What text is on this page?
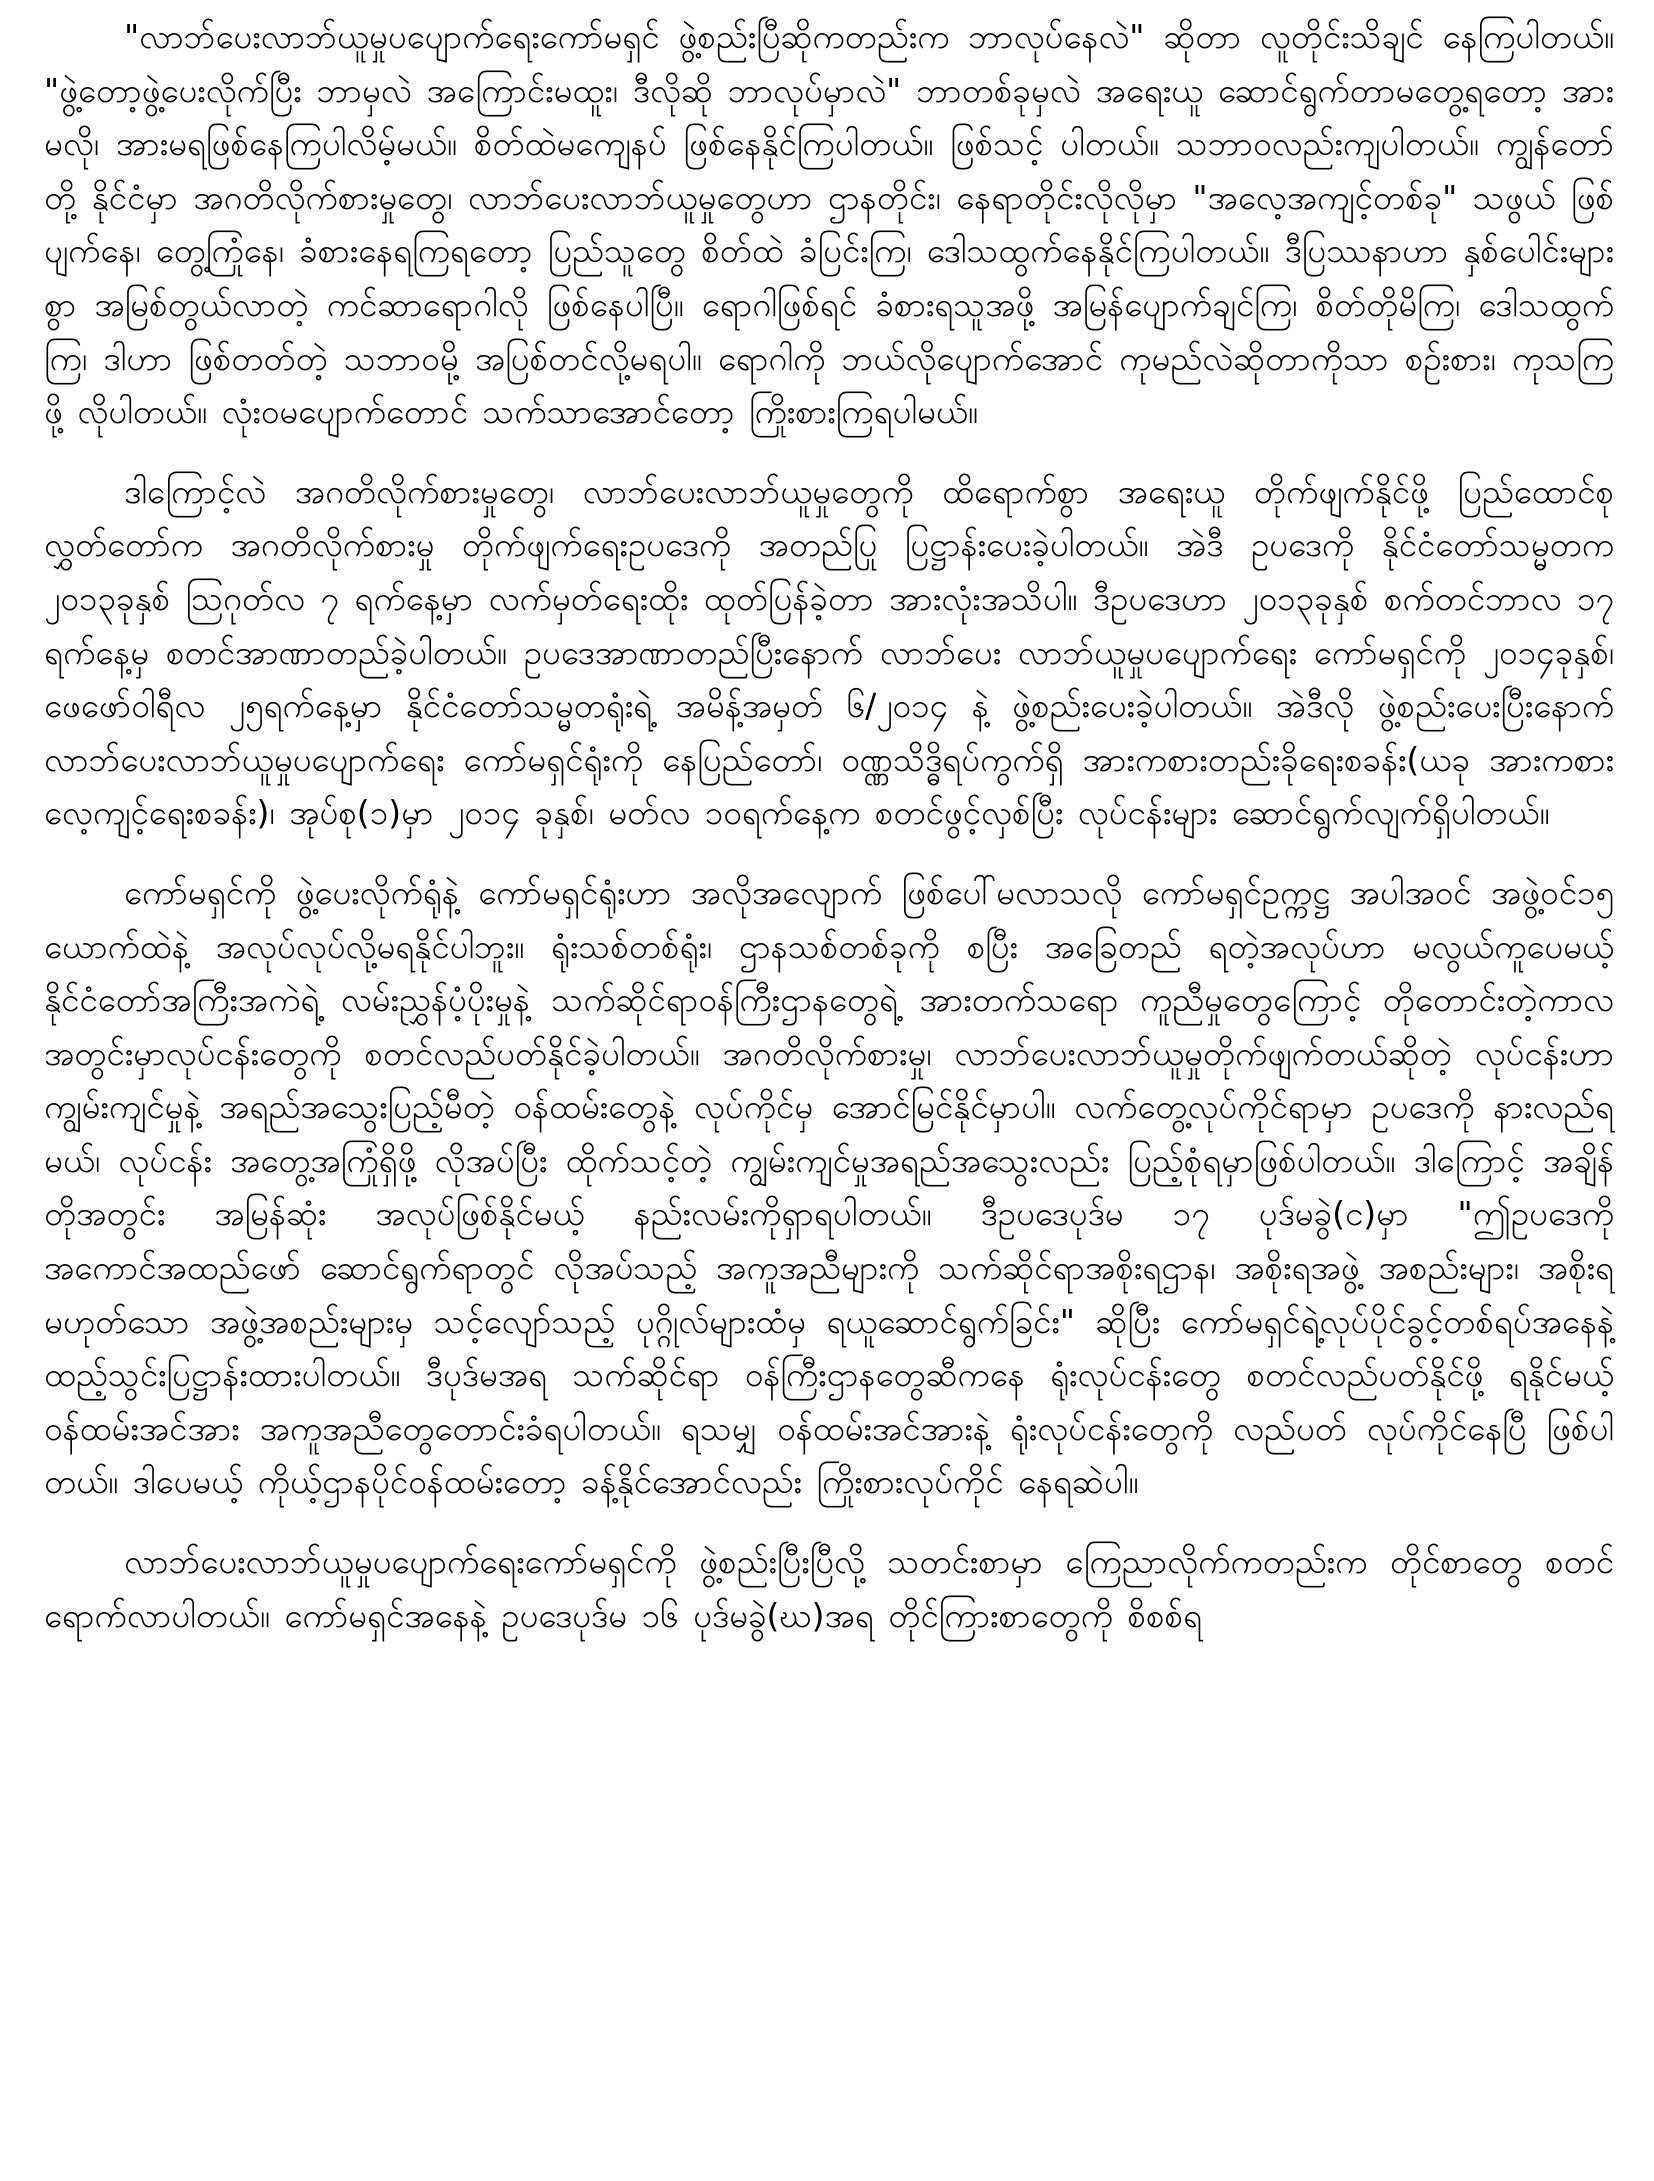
"လာဘ်ပေးလာဘ်ယူမှုပပျောက်ရေးကော်မရှင် ဖွဲ့စည်းပြီဆိုကတည်းက ဘာလုပ်နေလဲ" ဆိုတာ လူတိုင်းသိချင် နေကြပါတယ်။ "ဖွဲ့တော့ဖွဲ့ပေးလိုက်ပြီး ဘာမှလဲ အကြောင်းမထူး၊ ဒီလိုဆို ဘာလုပ်မှာလဲ" ဘာတစ်ခုမှလဲ အရေးယူ ဆောင်ရွက်တာမတွေ့ရတော့ အားမလို၊ အားမရဖြစ်နေကြပါလိမ့်မယ်။ စိတ်ထဲမကျေနပ် ဖြစ်နေနိုင်ကြပါတယ်။ ဖြစ်သင့် ပါတယ်။ သဘာဝလည်းကျပါတယ်။ ကျွန်တော်တို့ နိုင်ငံမှာ အဂတိလိုက်စားမှုတွေ၊ လာဘ်ပေးလာဘ်ယူမှုတွေဟာ ဌာနတိုင်း၊ နေရာတိုင်းလိုလိုမှာ "အလေ့အကျင့်တစ်ခု" သဖွယ် ဖြစ်ပျက်နေ၊ တွေ့ကြုံနေ၊ ခံစားနေရကြရတော့ ပြည်သူတွေ စိတ်ထဲ ခံပြင်းကြ၊ ဒေါသထွက်နေနိုင်ကြပါတယ်။ ဒီပြဿနာဟာ နှစ်ပေါင်းများစွာ အမြစ်တွယ်လာတဲ့ ကင်ဆာရောဂါလို ဖြစ်နေပါပြီ။ ရောဂါဖြစ်ရင် ခံစားရသူအဖို့ အမြန်ပျောက်ချင်ကြ၊ စိတ်တိုမိကြ၊ ဒေါသထွက်ကြ၊ ဒါဟာ ဖြစ်တတ်တဲ့ သဘာဝမို့ အပြစ်တင်လို့မရပါ။ ရောဂါကို ဘယ်လိုပျောက်အောင် ကုမည်လဲဆိုတာကိုသာ စဉ်းစား၊ ကုသကြဖို့ လိုပါတယ်။ လုံးဝမပျောက်တောင် သက်သာအောင်တော့ ကြိုးစားကြရပါမယ်။

ဒါကြောင့်လဲ အဂတိလိုက်စားမှုတွေ၊ လာဘ်ပေးလာဘ်ယူမှုတွေကို ထိရောက်စွာ အရေးယူ တိုက်ဖျက်နိုင်ဖို့ ပြည်ထောင်စုလွှတ်တော်က အဂတိလိုက်စားမှု တိုက်ဖျက်ရေးဥပဒေကို အတည်ပြု ပြဋ္ဌာန်းပေးခဲ့ပါတယ်။ အဲဒီ ဥပဒေကို နိုင်ငံတော်သမ္မတက ၂၀၁၃ခုနှစ် ဩဂုတ်လ ၇ ရက်နေ့မှာ လက်မှတ်ရေးထိုး ထုတ်ပြန်ခဲ့တာ အားလုံးအသိပါ။ ဒီဥပဒေဟာ ၂၀၁၃ခုနှစ် စက်တင်ဘာလ ၁၇ ရက်နေ့မှ စတင်အာဏာတည်ခဲ့ပါတယ်။ ဥပဒေအာဏာတည်ပြီးနောက် လာဘ်ပေး လာဘ်ယူမှုပပျောက်ရေး ကော်မရှင်ကို ၂၀၁၄ခုနှစ်၊ ဖေဖော်ဝါရီလ ၂၅ရက်နေ့မှာ နိုင်ငံတော်သမ္မတရုံးရဲ့ အမိန့်အမှတ် ၆/၂၀၁၄ နဲ့ ဖွဲ့စည်းပေးခဲ့ပါတယ်။ အဲဒီလို ဖွဲ့စည်းပေးပြီးနောက် လာဘ်ပေးလာဘ်ယူမှုပပျောက်ရေး ကော်မရှင်ရုံးကို နေပြည်တော်၊ ဝဏ္ဏသိဒ္ဓိရပ်ကွက်ရှိ အားကစားတည်းခိုရေးစခန်း(ယခု အားကစား လေ့ကျင့်ရေးစခန်း)၊ အုပ်စု(၁)မှာ ၂၀၁၄ ခုနှစ်၊ မတ်လ ၁၀ရက်နေ့က စတင်ဖွင့်လှစ်ပြီး လုပ်ငန်းများ ဆောင်ရွက်လျက်ရှိပါတယ်။

ကော်မရှင်ကို ဖွဲ့ပေးလိုက်ရုံနဲ့ ကော်မရှင်ရုံးဟာ အလိုအလျောက် ဖြစ်ပေါ်မလာသလို ကော်မရှင်ဥက္ကဋ္ဌ အပါအဝင် အဖွဲ့ဝင်၁၅ ယောက်ထဲနဲ့ အလုပ်လုပ်လို့မရနိုင်ပါဘူး။ ရုံးသစ်တစ်ရုံး၊ ဌာနသစ်တစ်ခုကို စပြီး အခြေတည် ရတဲ့အလုပ်ဟာ မလွယ်ကူပေမယ့် နိုင်ငံတော်အကြီးအကဲရဲ့ လမ်းညွှန်ပံ့ပိုးမှုနဲ့ သက်ဆိုင်ရာဝန်ကြီးဌာနတွေရဲ့ အားတက်သရော ကူညီမှုတွေကြောင့် တိုတောင်းတဲ့ကာလ အတွင်းမှာလုပ်ငန်းတွေကို စတင်လည်ပတ်နိုင်ခဲ့ပါတယ်။ အဂတိလိုက်စားမှု၊ လာဘ်ပေးလာဘ်ယူမှုတိုက်ဖျက်တယ်ဆိုတဲ့ လုပ်ငန်းဟာ ကျွမ်းကျင်မှုနဲ့ အရည်အသွေးပြည့်မီတဲ့ ဝန်ထမ်းတွေနဲ့ လုပ်ကိုင်မှ အောင်မြင်နိုင်မှာပါ။ လက်တွေ့လုပ်ကိုင်ရာမှာ ဥပဒေကို နားလည်ရမယ်၊ လုပ်ငန်း အတွေ့အကြုံရှိဖို့ လိုအပ်ပြီး ထိုက်သင့်တဲ့ ကျွမ်းကျင်မှုအရည်အသွေးလည်း ပြည့်စုံရမှာဖြစ်ပါတယ်။ ဒါကြောင့် အချိန်တိုအတွင်း အမြန်ဆုံး အလုပ်ဖြစ်နိုင်မယ့် နည်းလမ်းကိုရှာရပါတယ်။ ဒီဥပဒေပုဒ်မ ၁၇ ပုဒ်မခွဲ(င)မှာ "ဤဥပဒေကို အကောင်အထည်ဖော် ဆောင်ရွက်ရာတွင် လိုအပ်သည့် အကူအညီများကို သက်ဆိုင်ရာအစိုးရဌာန၊ အစိုးရအဖွဲ့ အစည်းများ၊ အစိုးရမဟုတ်သော အဖွဲ့အစည်းများမှ သင့်လျော်သည့် ပုဂ္ဂိုလ်များထံမှ ရယူဆောင်ရွက်ခြင်း" ဆိုပြီး ကော်မရှင်ရဲ့လုပ်ပိုင်ခွင့်တစ်ရပ်အနေနဲ့ ထည့်သွင်းပြဋ္ဌာန်းထားပါတယ်။ ဒီပုဒ်မအရ သက်ဆိုင်ရာ ဝန်ကြီးဌာနတွေဆီကနေ ရုံးလုပ်ငန်းတွေ စတင်လည်ပတ်နိုင်ဖို့ ရနိုင်မယ့် ဝန်ထမ်းအင်အား အကူအညီတွေတောင်းခံရပါတယ်။ ရသမျှ ဝန်ထမ်းအင်အားနဲ့ ရုံးလုပ်ငန်းတွေကို လည်ပတ် လုပ်ကိုင်နေပြီ ဖြစ်ပါတယ်။ ဒါပေမယ့် ကိုယ့်ဌာနပိုင်ဝန်ထမ်းတော့ ခန့်နိုင်အောင်လည်း ကြိုးစားလုပ်ကိုင် နေရဆဲပါ။

လာဘ်ပေးလာဘ်ယူမှုပပျောက်ရေးကော်မရှင်ကို ဖွဲ့စည်းပြီးပြီလို့ သတင်းစာမှာ ကြေညာလိုက်ကတည်းက တိုင်စာတွေ စတင်ရောက်လာပါတယ်။ ကော်မရှင်အနေနဲ့ ဥပဒေပုဒ်မ ၁၆ ပုဒ်မခွဲ(ဃ)အရ တိုင်ကြားစာတွေကို စိစစ်ရ
